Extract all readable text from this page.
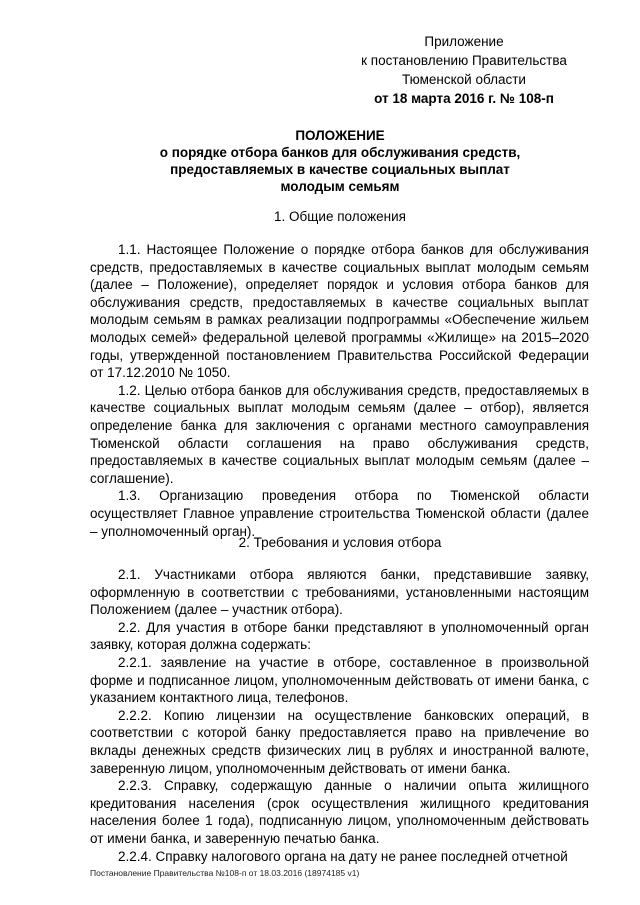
Приложение
к постановлению Правительства
Тюменской области
от 18 марта 2016 г. № 108-п
ПОЛОЖЕНИЕ
о порядке отбора банков для обслуживания средств,
предоставляемых в качестве социальных выплат
молодым семьям
1. Общие положения

1.1. Настоящее Положение о порядке отбора банков для обслуживания средств, предоставляемых в качестве социальных выплат молодым семьям (далее – Положение), определяет порядок и условия отбора банков для обслуживания средств, предоставляемых в качестве социальных выплат молодым семьям в рамках реализации подпрограммы «Обеспечение жильем молодых семей» федеральной целевой программы «Жилище» на 2015–2020 годы, утвержденной постановлением Правительства Российской Федерации от 17.12.2010 № 1050.

1.2. Целью отбора банков для обслуживания средств, предоставляемых в качестве социальных выплат молодым семьям (далее – отбор), является определение банка для заключения с органами местного самоуправления Тюменской области соглашения на право обслуживания средств, предоставляемых в качестве социальных выплат молодым семьям (далее – соглашение).

1.3. Организацию проведения отбора по Тюменской области осуществляет Главное управление строительства Тюменской области (далее – уполномоченный орган).

2. Требования и условия отбора

2.1. Участниками отбора являются банки, представившие заявку, оформленную в соответствии с требованиями, установленными настоящим Положением (далее – участник отбора).

2.2. Для участия в отборе банки представляют в уполномоченный орган заявку, которая должна содержать:

2.2.1. заявление на участие в отборе, составленное в произвольной форме и подписанное лицом, уполномоченным действовать от имени банка, с указанием контактного лица, телефонов.

2.2.2. Копию лицензии на осуществление банковских операций, в соответствии с которой банку предоставляется право на привлечение во вклады денежных средств физических лиц в рублях и иностранной валюте, заверенную лицом, уполномоченным действовать от имени банка.

2.2.3. Справку, содержащую данные о наличии опыта жилищного кредитования населения (срок осуществления жилищного кредитования населения более 1 года), подписанную лицом, уполномоченным действовать от имени банка, и заверенную печатью банка.

2.2.4. Справку налогового органа на дату не ранее последней отчетной

Постановление Правительства №108-п от 18.03.2016 (18974185 v1)
